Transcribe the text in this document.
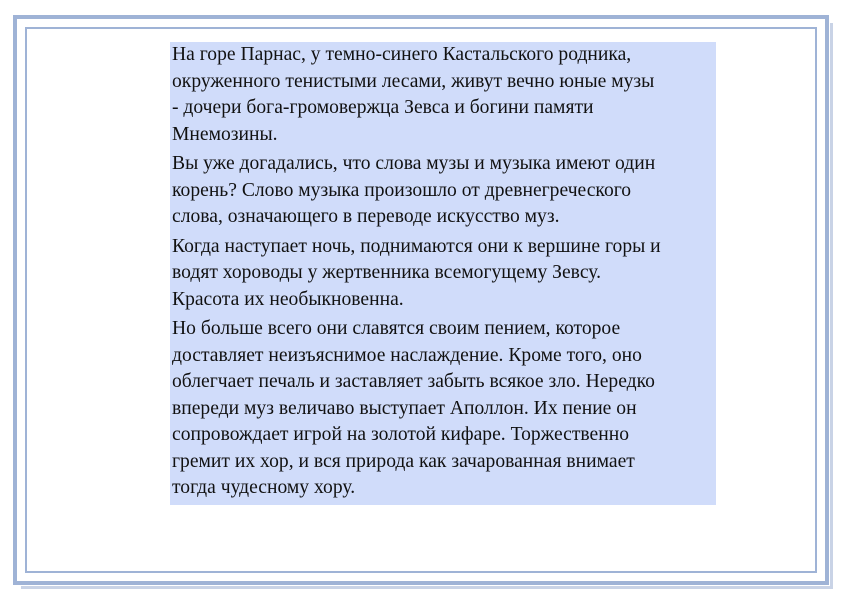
На горе Парнас, у темно-синего Кастальского родника,
окруженного тенистыми лесами, живут вечно юные музы
- дочери бога-громовержца Зевса и богини памяти
Мнемозины.

Вы уже догадались, что слова музы и музыка имеют один
корень? Слово музыка произошло от древнегреческого
слова, означающего в переводе искусство муз.

Когда наступает ночь, поднимаются они к вершине горы и
водят хороводы у жертвенника всемогущему Зевсу.
Красота их необыкновенна.

Но больше всего они славятся своим пением, которое
доставляет неизъяснимое наслаждение. Кроме того, оно
облегчает печаль и заставляет забыть всякое зло. Нередко
впереди муз величаво выступает Аполлон. Их пение он
сопровождает игрой на золотой кифаре. Торжественно
гремит их хор, и вся природа как зачарованная внимает
тогда чудесному хору.
